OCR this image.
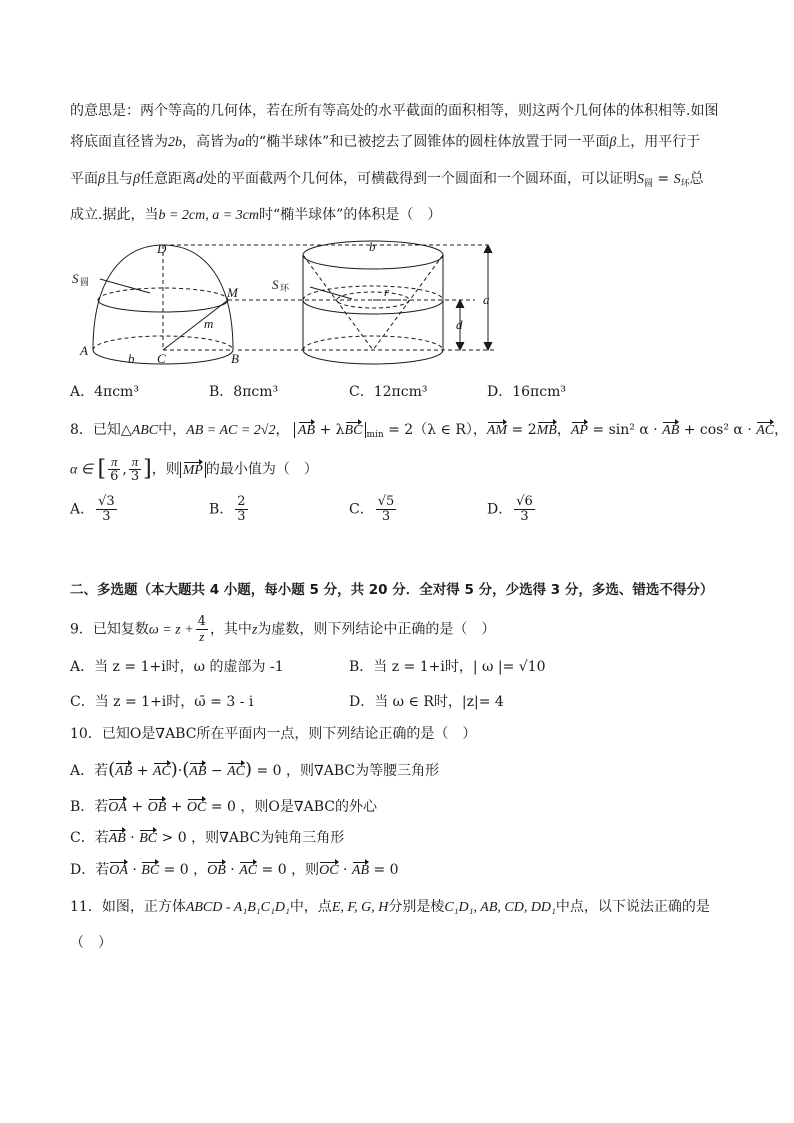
的意思是：两个等高的几何体，若在所有等高处的水平截面的面积相等，则这两个几何体的体积相等.如图
将底面直径皆为2b，高皆为a的“椭半球体”和已被挖去了圆锥体的圆柱体放置于同一平面β上，用平行于
平面β且与β任意距离d处的平面截两个几何体，可横截得到一个圆面和一个圆环面，可以证明$S_圆 = S_环$总
成立.据此，当b = 2cm, a = 3cm时“椭半球体”的体积是（　）
D
M
m
A
b C	B
S
b
r
a
d
S
圆
环
A．4πcm³	B．8πcm³	C．12πcm³	D．16πcm³
8．已知△ABC中，AB = AC = 2√2， AB + λBC $_{min}$ = 2（λ ∈ R），AM = 2MB，AP = sin² α · AB + cos² α · AC，
α ∈ [ $\frac{\pi}{6}$ , $\frac{\pi}{3}$ ]，则 MP 的最小值为（　）
A． $\frac{√3}{3}$	B． $\frac{2}{3}$	C． $\frac{√5}{3}$	D． $\frac{√6}{3}$
二、多选题（本大题共 4 小题，每小题 5 分，共 20 分．全对得 5 分，少选得 3 分，多选、错选不得分）
9．已知复数$\omega = z + \frac{4}{z}$ ，其中z为虚数，则下列结论中正确的是（　）
A．当 z = 1+i时，ω 的虚部为 -1	B．当 z = 1+i时，| ω |= √10
C．当 z = 1+i时，ω̄ = 3 - i	D．当 ω ∈ R时，|z|= 4
10．已知O是∇ABC所在平面内一点，则下列结论正确的是（　）
A．若(AB + AC)·(AB − AC) = 0 ，则∇ABC为等腰三角形
B．若OA + OB + OC = 0 ，则O是∇ABC的外心
C．若AB · BC > 0 ，则∇ABC为钝角三角形
D．若OA · BC = 0 ，OB · AC = 0 ，则OC · AB = 0
11．如图，正方体ABCD - A₁B₁C₁D₁中，点E, F, G, H分别是棱C₁D₁, AB, CD, DD₁中点，以下说法正确的是
（　）
